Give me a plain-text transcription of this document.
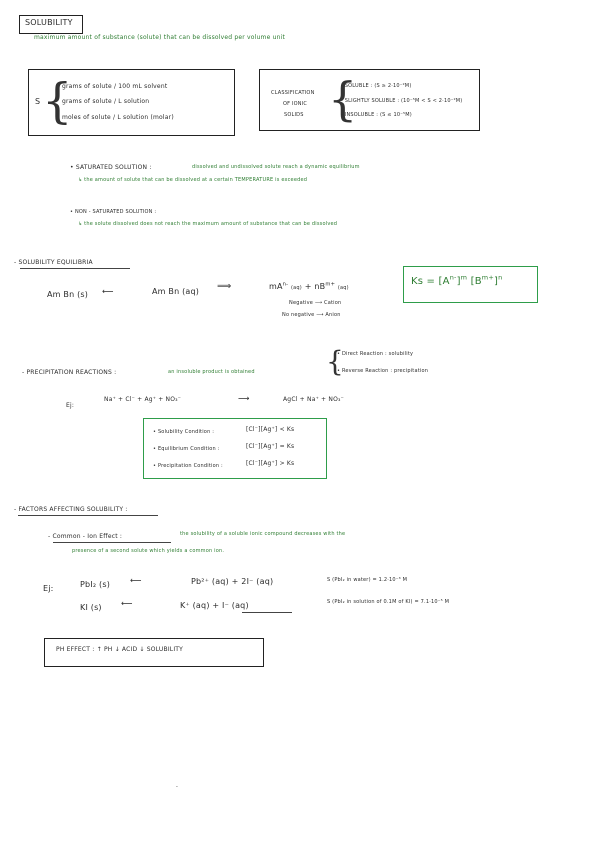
SOLUBILITY
maximum amount of substance (solute) that can be dissolved per volume unit
S {
grams of solute / 100 mL solvent
grams of solute / L solution
moles of solute / L solution (molar)
CLASSIFICATION
OF IONIC
SOLIDS {
- SOLUBLE : (S ≥ 2·10⁻²M)
- SLIGHTLY SOLUBLE : (10⁻⁵M < S < 2·10⁻²M)
- INSOLUBLE : (S ≤ 10⁻⁵M)
• SATURATED SOLUTION :	dissolved and undissolved solute reach a dynamic equilibrium
↳ the amount of solute that can be dissolved at a certain TEMPERATURE is exceeded
• NON - SATURATED SOLUTION :
↳ the solute dissolved does not reach the maximum amount of substance that can be dissolved
- SOLUBILITY EQUILIBRIA
Am Bn (s) ⟵	Am Bn (aq) ⟹	$mA^{n-}$ $(aq) + nB^{m+}$ (aq)
Negative ⟶ Cation
No negative ⟶ Anion
$Ks = [A^{n-}]^m$ $[B^{m+}]^n$
- PRECIPITATION REACTIONS :	an insoluble product is obtained	{
• Direct Reaction : solubility
• Reverse Reaction : precipitation
Ej:
Na⁺ + Cl⁻ + Ag⁺ + NO₃⁻	⟶	AgCl + Na⁺ + NO₃⁻
• Solubility Condition :	[Cl⁻][Ag⁺] < Ks
• Equilibrium Condition :	[Cl⁻][Ag⁺] = Ks
• Precipitation Condition :	[Cl⁻][Ag⁺] > Ks
- FACTORS AFFECTING SOLUBILITY :
- Common - Ion Effect :	the solubility of a soluble ionic compound decreases with the
presence of a second solute which yields a common ion.
Ej:	PbI₂ (s) ⟵	Pb²⁺ (aq) + 2I⁻ (aq)	S (PbI₂ in water) = 1.2·10⁻³ M
KI (s) ⟵	K⁺ (aq) + I⁻ (aq)	S (PbI₂ in solution of 0.1M of KI) = 7.1·10⁻⁵ M
PH EFFECT : ↑ PH ↓ ACID ↓ SOLUBILITY
-
